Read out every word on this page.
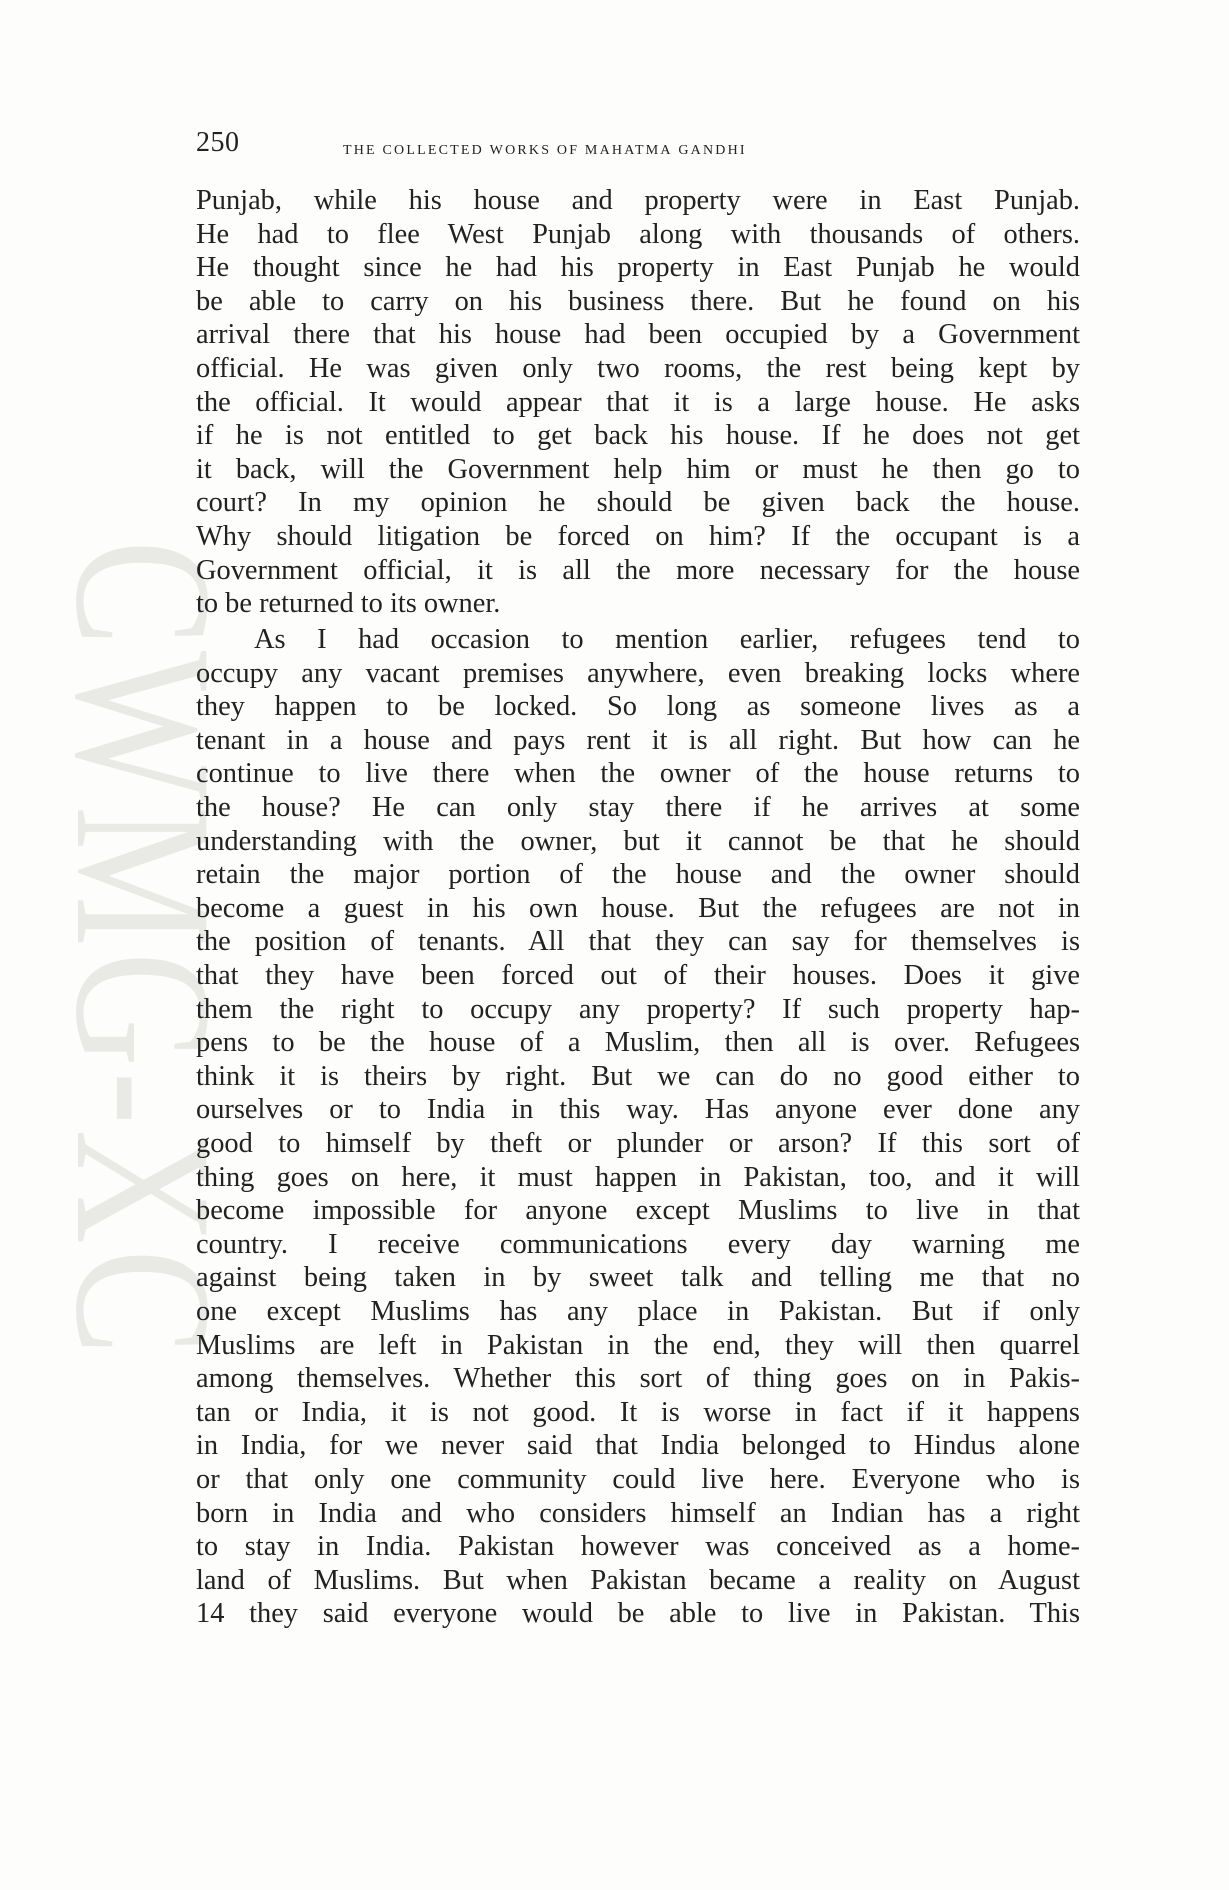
CWMG-XC
250	the collected works of mahatma gandhi
Punjab, while his house and property were in East Punjab.
He had to flee West Punjab along with thousands of others.
He thought since he had his property in East Punjab he would
be able to carry on his business there. But he found on his
arrival there that his house had been occupied by a Government
official. He was given only two rooms, the rest being kept by
the official. It would appear that it is a large house. He asks
if he is not entitled to get back his house. If he does not get
it back, will the Government help him or must he then go to
court? In my opinion he should be given back the house.
Why should litigation be forced on him? If the occupant is a
Government official, it is all the more necessary for the house
to be returned to its owner.
As I had occasion to mention earlier, refugees tend to
occupy any vacant premises anywhere, even breaking locks where
they happen to be locked. So long as someone lives as a
tenant in a house and pays rent it is all right. But how can he
continue to live there when the owner of the house returns to
the house? He can only stay there if he arrives at some
understanding with the owner, but it cannot be that he should
retain the major portion of the house and the owner should
become a guest in his own house. But the refugees are not in
the position of tenants. All that they can say for themselves is
that they have been forced out of their houses. Does it give
them the right to occupy any property? If such property hap-
pens to be the house of a Muslim, then all is over. Refugees
think it is theirs by right. But we can do no good either to
ourselves or to India in this way. Has anyone ever done any
good to himself by theft or plunder or arson? If this sort of
thing goes on here, it must happen in Pakistan, too, and it will
become impossible for anyone except Muslims to live in that
country. I receive communications every day warning me
against being taken in by sweet talk and telling me that no
one except Muslims has any place in Pakistan. But if only
Muslims are left in Pakistan in the end, they will then quarrel
among themselves. Whether this sort of thing goes on in Pakis-
tan or India, it is not good. It is worse in fact if it happens
in India, for we never said that India belonged to Hindus alone
or that only one community could live here. Everyone who is
born in India and who considers himself an Indian has a right
to stay in India. Pakistan however was conceived as a home-
land of Muslims. But when Pakistan became a reality on August
14 they said everyone would be able to live in Pakistan. This
